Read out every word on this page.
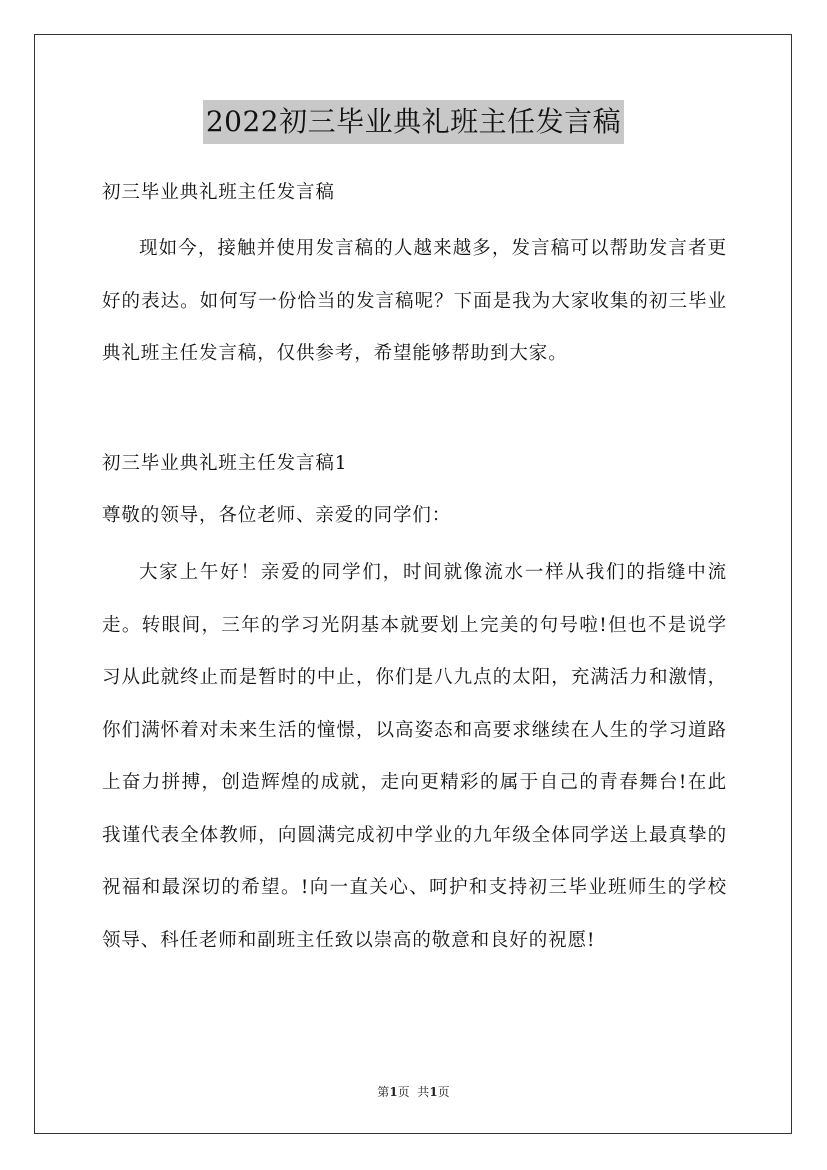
2022初三毕业典礼班主任发言稿
初三毕业典礼班主任发言稿
现如今，接触并使用发言稿的人越来越多，发言稿可以帮助发言者更好的表达。如何写一份恰当的发言稿呢？下面是我为大家收集的初三毕业典礼班主任发言稿，仅供参考，希望能够帮助到大家。
初三毕业典礼班主任发言稿1
尊敬的领导，各位老师、亲爱的同学们：
大家上午好！亲爱的同学们，时间就像流水一样从我们的指缝中流走。转眼间，三年的学习光阴基本就要划上完美的句号啦!但也不是说学习从此就终止而是暂时的中止，你们是八九点的太阳，充满活力和激情，你们满怀着对未来生活的憧憬，以高姿态和高要求继续在人生的学习道路上奋力拼搏，创造辉煌的成就，走向更精彩的属于自己的青春舞台!在此我谨代表全体教师，向圆满完成初中学业的九年级全体同学送上最真挚的祝福和最深切的希望。!向一直关心、呵护和支持初三毕业班师生的学校领导、科任老师和副班主任致以崇高的敬意和良好的祝愿!
第1页  共1页
